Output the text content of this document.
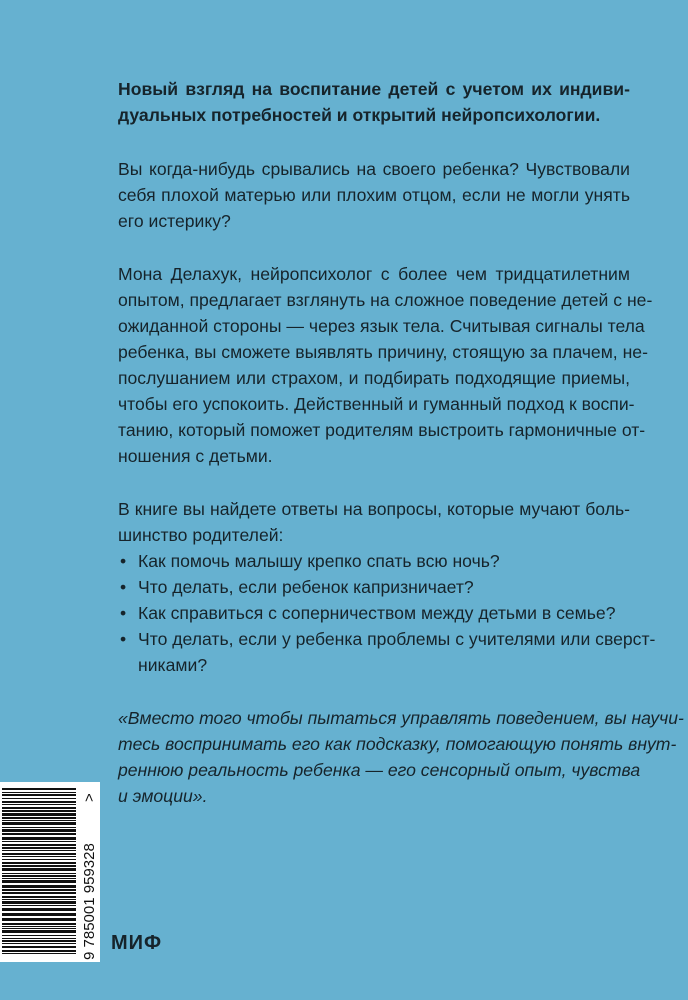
Новый взгляд на воспитание детей с учетом их индиви-
дуальных потребностей и открытий нейропсихологии.

Вы когда-нибудь срывались на своего ребенка? Чувствовали
себя плохой матерью или плохим отцом, если не могли унять
его истерику?

Мона Делахук, нейропсихолог с более чем тридцатилетним
опытом, предлагает взглянуть на сложное поведение детей с не-
ожиданной стороны — через язык тела. Считывая сигналы тела
ребенка, вы сможете выявлять причину, стоящую за плачем, не-
послушанием или страхом, и подбирать подходящие приемы,
чтобы его успокоить. Действенный и гуманный подход к воспи-
танию, который поможет родителям выстроить гармоничные от-
ношения с детьми.

В книге вы найдете ответы на вопросы, которые мучают боль-
шинство родителей:

• Как помочь малышу крепко спать всю ночь?
• Что делать, если ребенок капризничает?
• Как справиться с соперничеством между детьми в семье?
• Что делать, если у ребенка проблемы с учителями или сверст-
никами?

«Вместо того чтобы пытаться управлять поведением, вы научи-
тесь воспринимать его как подсказку, помогающую понять внут-
реннюю реальность ребенка — его сенсорный опыт, чувства
и эмоции».

9 785001 959328
>
МИФ
